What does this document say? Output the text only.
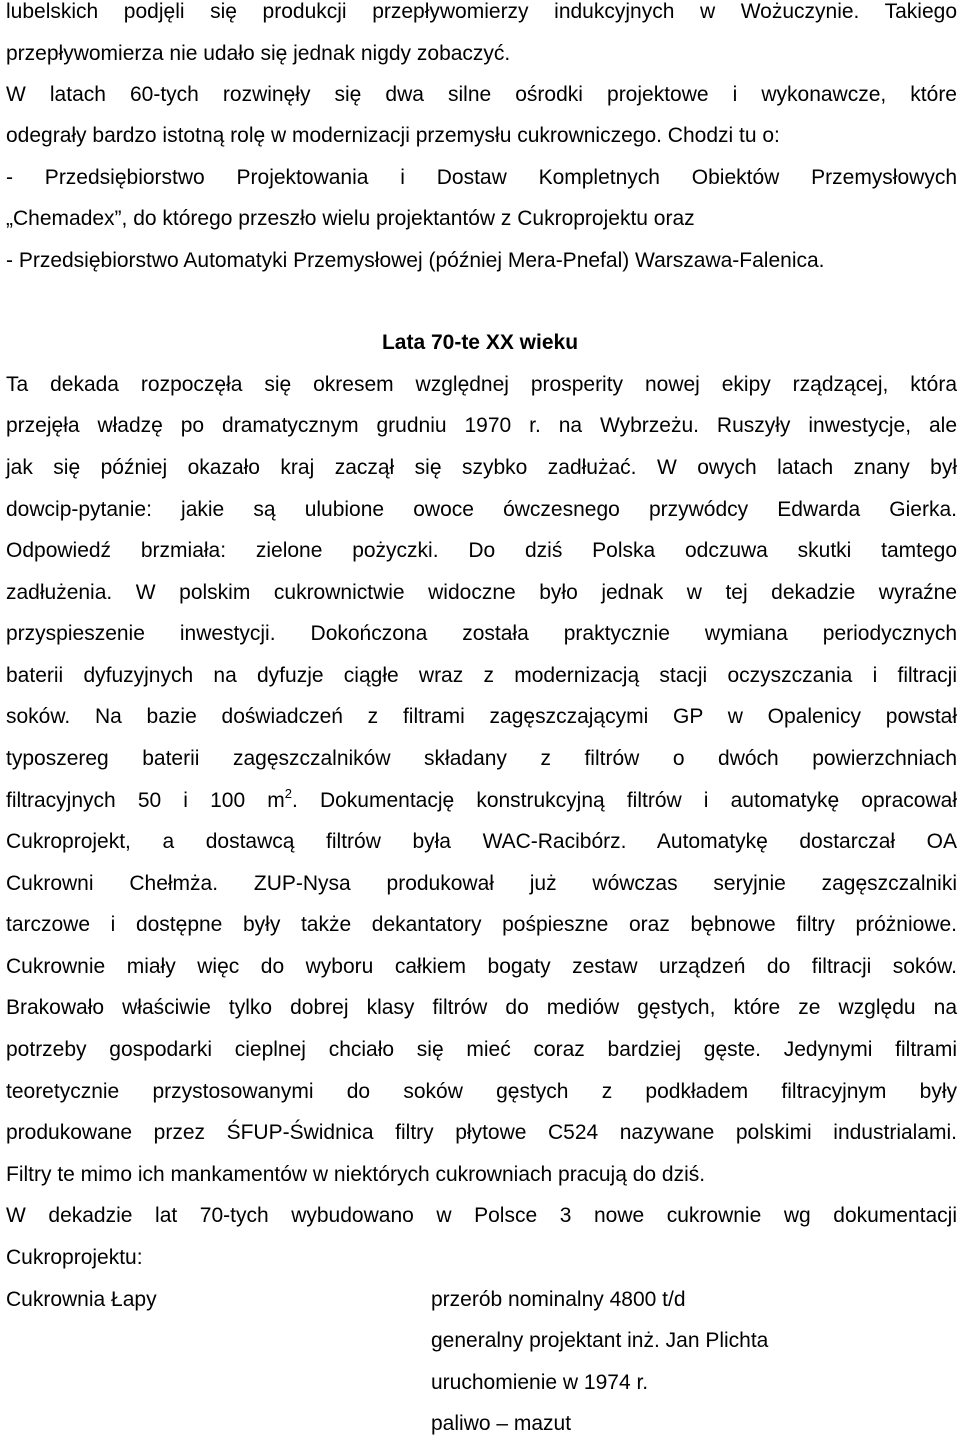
lubelskich podjęli się produkcji przepływomierzy indukcyjnych w Wożuczynie. Takiego
przepływomierza nie udało się jednak nigdy zobaczyć.
W latach 60-tych rozwinęły się dwa silne ośrodki projektowe i wykonawcze, które
odegrały bardzo istotną rolę w modernizacji przemysłu cukrowniczego. Chodzi tu o:
- Przedsiębiorstwo Projektowania i Dostaw Kompletnych Obiektów Przemysłowych
„Chemadex”, do którego przeszło wielu projektantów z Cukroprojektu oraz
- Przedsiębiorstwo Automatyki Przemysłowej (później Mera-Pnefal) Warszawa-Falenica.
Lata 70-te XX wieku
Ta dekada rozpoczęła się okresem względnej prosperity nowej ekipy rządzącej, która
przejęła władzę po dramatycznym grudniu 1970 r. na Wybrzeżu. Ruszyły inwestycje, ale
jak się później okazało kraj zaczął się szybko zadłużać. W owych latach znany był
dowcip-pytanie: jakie są ulubione owoce ówczesnego przywódcy Edwarda Gierka.
Odpowiedź brzmiała: zielone pożyczki. Do dziś Polska odczuwa skutki tamtego
zadłużenia. W polskim cukrownictwie widoczne było jednak w tej dekadzie wyraźne
przyspieszenie inwestycji. Dokończona została praktycznie wymiana periodycznych
baterii dyfuzyjnych na dyfuzje ciągłe wraz z modernizacją stacji oczyszczania i filtracji
soków. Na bazie doświadczeń z filtrami zagęszczającymi GP w Opalenicy powstał
typoszereg baterii zagęszczalników składany z filtrów o dwóch powierzchniach
filtracyjnych 50 i 100 $m^2$. Dokumentację konstrukcyjną filtrów i automatykę opracował
Cukroprojekt, a dostawcą filtrów była WAC-Racibórz. Automatykę dostarczał OA
Cukrowni Chełmża. ZUP-Nysa produkował już wówczas seryjnie zagęszczalniki
tarczowe i dostępne były także dekantatory pośpieszne oraz bębnowe filtry próżniowe.
Cukrownie miały więc do wyboru całkiem bogaty zestaw urządzeń do filtracji soków.
Brakowało właściwie tylko dobrej klasy filtrów do mediów gęstych, które ze względu na
potrzeby gospodarki cieplnej chciało się mieć coraz bardziej gęste. Jedynymi filtrami
teoretycznie przystosowanymi do soków gęstych z podkładem filtracyjnym były
produkowane przez ŚFUP-Świdnica filtry płytowe C524 nazywane polskimi industrialami.
Filtry te mimo ich mankamentów w niektórych cukrowniach pracują do dziś.
W dekadzie lat 70-tych wybudowano w Polsce 3 nowe cukrownie wg dokumentacji
Cukroprojektu:
Cukrownia Łapy	przerób nominalny 4800 t/d
generalny projektant inż. Jan Plichta
uruchomienie w 1974 r.
paliwo – mazut
